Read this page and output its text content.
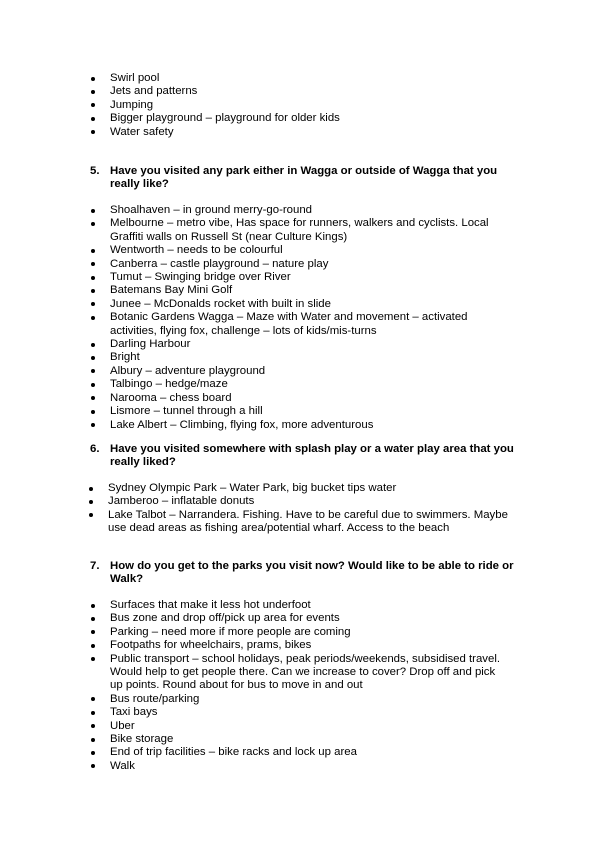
Swirl pool
Jets and patterns
Jumping
Bigger playground – playground for older kids
Water safety
5. Have you visited any park either in Wagga or outside of Wagga that you really like?
Shoalhaven – in ground merry-go-round
Melbourne – metro vibe, Has space for runners, walkers and cyclists. Local Graffiti walls on Russell St (near Culture Kings)
Wentworth – needs to be colourful
Canberra – castle playground – nature play
Tumut – Swinging bridge over River
Batemans Bay Mini Golf
Junee – McDonalds rocket with built in slide
Botanic Gardens Wagga – Maze with Water and movement – activated activities, flying fox, challenge – lots of kids/mis-turns
Darling Harbour
Bright
Albury – adventure playground
Talbingo – hedge/maze
Narooma – chess board
Lismore – tunnel through a hill
Lake Albert – Climbing, flying fox, more adventurous
6. Have you visited somewhere with splash play or a water play area that you really liked?
Sydney Olympic Park – Water Park, big bucket tips water
Jamberoo – inflatable donuts
Lake Talbot – Narrandera. Fishing. Have to be careful due to swimmers. Maybe use dead areas as fishing area/potential wharf. Access to the beach
7. How do you get to the parks you visit now? Would like to be able to ride or Walk?
Surfaces that make it less hot underfoot
Bus zone and drop off/pick up area for events
Parking – need more if more people are coming
Footpaths for wheelchairs, prams, bikes
Public transport – school holidays, peak periods/weekends, subsidised travel. Would help to get people there. Can we increase to cover? Drop off and pick up points. Round about for bus to move in and out
Bus route/parking
Taxi bays
Uber
Bike storage
End of trip facilities – bike racks and lock up area
Walk
